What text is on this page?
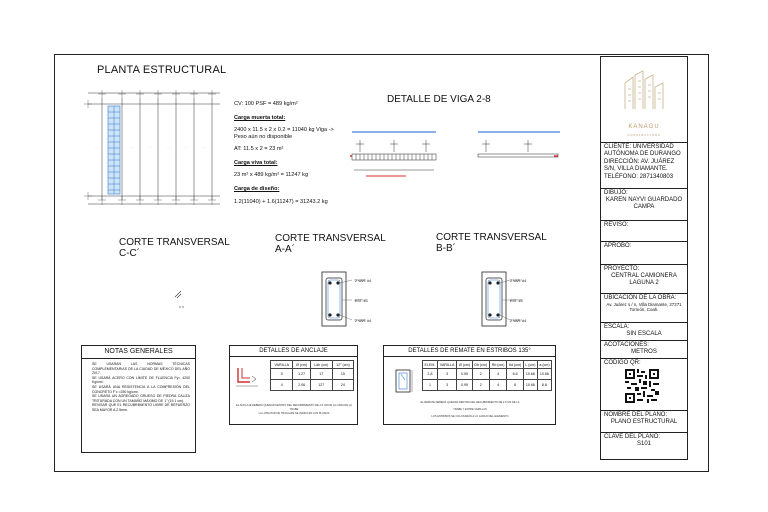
PLANTA ESTRUCTURAL
· · ·	· · ·	· · ·	· · ·	· · ·	· · ·
CV: 100 PSF = 489 kg/m²
Carga muerta total:
2400 x 11.5 x 2 x 0.2 = 11040 kg Viga ->
Peso aún no disponible
AT: 11.5 x 2 = 23 m²
Carga viva total:
23 m² x 489 kg/m² = 11247 kg
Carga de diseño:
1.2(11040) + 1.6(11247) = 31243.2 kg
DETALLE DE VIGA 2-8
CORTE TRANSVERSAL
C-C´
CORTE TRANSVERSAL
A-A´
CORTE TRANSVERSAL
B-B´
2 VAR. #4
EST. #3
2 VAR. #4
2 VAR. #4
EST. #3
2 VAR. #4
NOTAS GENERALES
SE USARAN LAS NORMAS TÉCNICAS COMPLEMENTARIAS DE LA CIUDAD DE MÉXICO DEL AÑO 2017.
SE USARÁ ACERO CON LÍMITE DE FLUENCIA Fy= 4200 Kg/cm².
SE USARÁ UNA RESISTENCIA A LA COMPRESIÓN DEL CONCRETO F'c =250 kg/cm².
SE USARÁ UN AGREGADO GRUESO DE PIEDRA CALIZA TRITURADA CON UN TAMAÑO MÁXIMO DE 1" (19.1 cm).
REVISAR QUE EL RECUBRIMIENTO LIBRE DE REFUERZO SEA MAYOR A 2.5mm.
DETALLES DE ANCLAJE
VARILLA	Ø (cm)	Ldh (cm)	12° (cm)
3	1.27	17	15
4	2.06	127	24
EL ANCLAJE DEBERÁ QUEDAR DENTRO DEL RECUBRIMIENTO DE 2.5 CM DE LA CARA DE LA TRABE
LA LONGITUD DE TRASLAPE SE INDICA EN LOS PLANOS
DETALLES DE REMATE EN ESTRIBOS 135°
ELEM.	VARILLA	Ø (cm)	Db (cm)	Rb (cm)	6d (cm)	L (cm)	a (cm)
2-8	3	0.95	2	4	6.6	10.66	10.66
1	3	0.95	2	4	8	10.66	8.8
EL REMATE DEBERÁ QUEDAR DENTRO DEL RECUBRIMIENTO DE 2.5 CM DE LA
TRABE Y ENTRE VARILLAS
LOS ESTRIBOS SE COLOCARÁN A LO LARGO DEL ELEMENTO
KANAGU
CONSTRUCTORA
CLIENTE: UNIVERSIDAD AUTÓNOMA DE DURANGO DIRECCIÓN: AV. JUÁREZ S/N, VILLA DIAMANTE. TELÉFONO: 2871340803
DIBUJÓ:
KAREN NAYVI GUARDADO CAMPA
REVISÓ:
APROBÓ:
PROYECTO:
CENTRAL CAMIONERA LAGUNA 2
UBICACIÓN DE LA OBRA:
Av. Juárez s / n, Villa Diamante, 27271 Torreón, Coah.
ESCALA:
SIN ESCALA
ACOTACIONES:
METROS
CÓDIGO QR:
NOMBRE DEL PLANO:
PLANO ESTRUCTURAL
CLAVE DEL PLANO:
S101
